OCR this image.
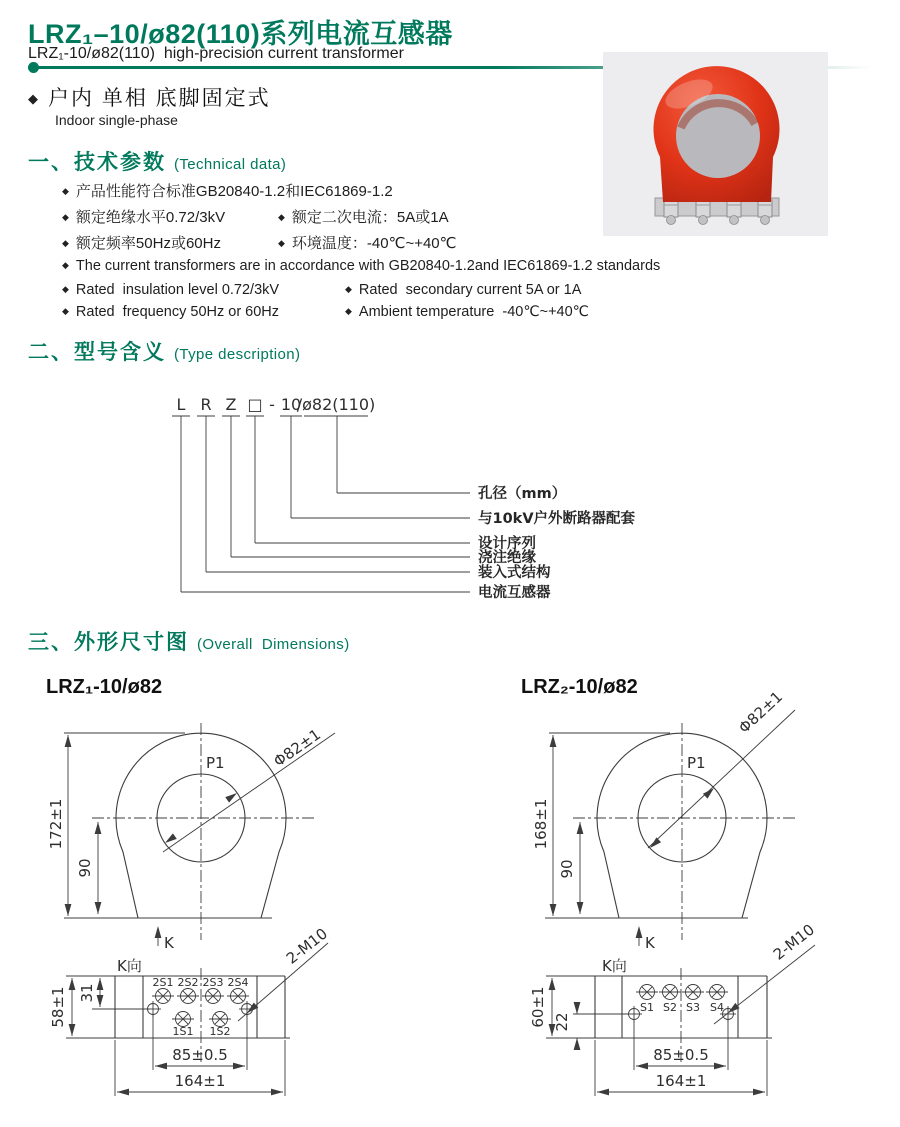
LRZ₁–10/ø82(110)系列电流互感器
LRZ₁-10/ø82(110)  high-precision current transformer
◆ 户内 单相 底脚固定式
Indoor single-phase
一、技术参数 (Technical data)
◆ 产品性能符合标准GB20840-1.2和IEC61869-1.2
◆ 额定绝缘水平0.72/3kV	◆ 额定二次电流：5A或1A
◆ 额定频率50Hz或60Hz	◆ 环境温度：-40℃~+40℃
◆ The current transformers are in accordance with GB20840-1.2and IEC61869-1.2 standards
◆ Rated  insulation level 0.72/3kV	◆ Rated  secondary current 5A or 1A
◆ Rated  frequency 50Hz or 60Hz	◆ Ambient temperature  -40℃~+40℃
二、型号含义 (Type description)
L R Z □ - 10
/ø82(110)
孔径（mm）
与10kV户外断路器配套
设计序列
浇注绝缘
装入式结构
电流互感器
三、外形尺寸图 (Overall  Dimensions)
LRZ₁-10/ø82	LRZ₂-10/ø82
172±1
90
Φ82±1
P1
K
K向
58±1 31
2S1 2S2 2S3 2S4
1S1 1S2
2-M10
85±0.5
164±1
168±1
90
Φ82±1
P1
K
K向
60±1	S1 S2 S3 S4
22
2-M10
85±0.5
164±1
